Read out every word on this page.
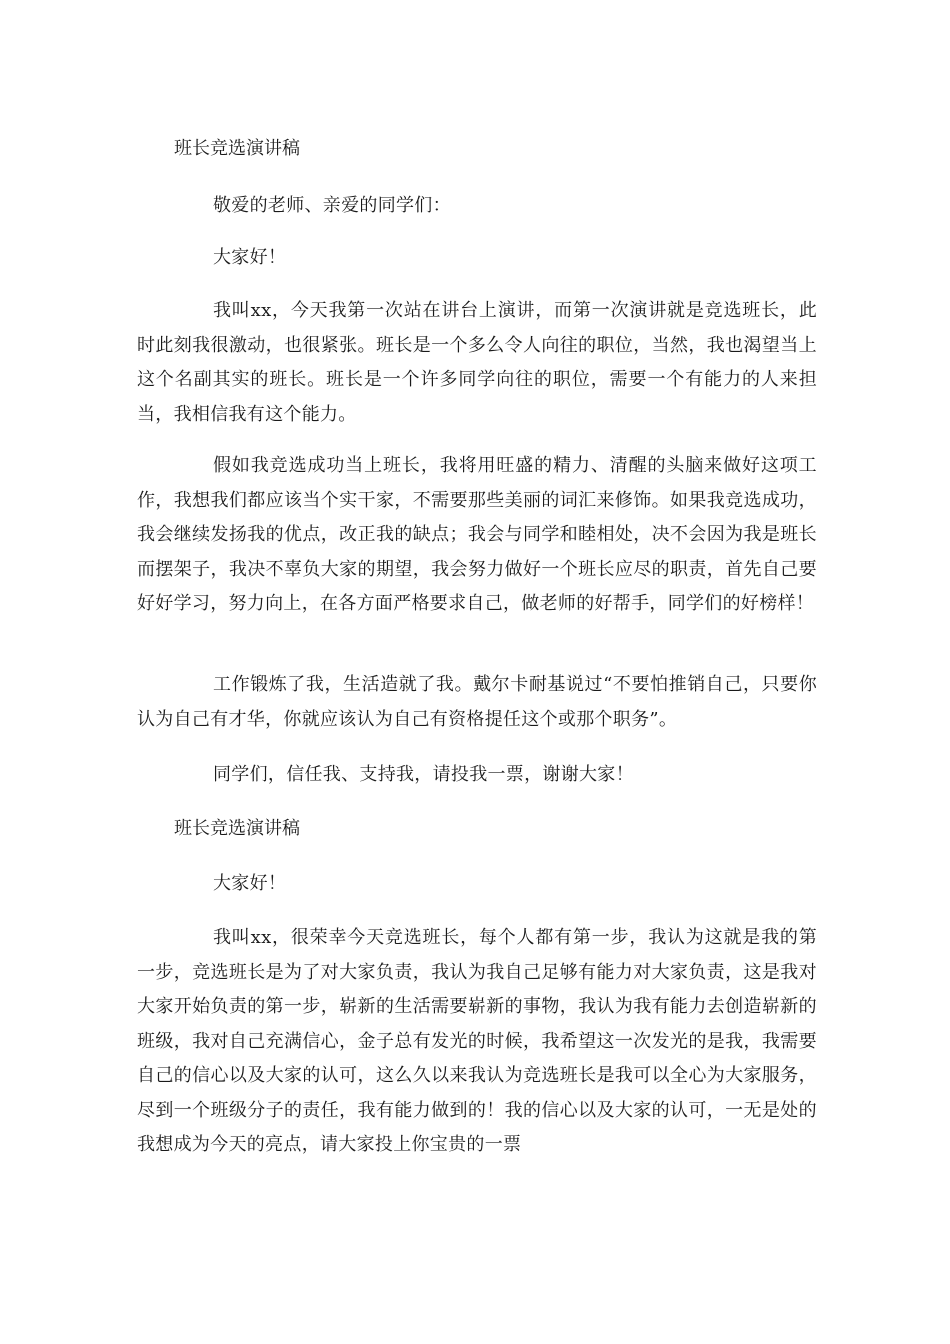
班长竞选演讲稿

敬爱的老师、亲爱的同学们：

大家好！

我叫xx，今天我第一次站在讲台上演讲，而第一次演讲就是竞选班长，此时此刻我很激动，也很紧张。班长是一个多么令人向往的职位，当然，我也渴望当上这个名副其实的班长。班长是一个许多同学向往的职位，需要一个有能力的人来担当，我相信我有这个能力。

假如我竞选成功当上班长，我将用旺盛的精力、清醒的头脑来做好这项工作，我想我们都应该当个实干家，不需要那些美丽的词汇来修饰。如果我竞选成功，我会继续发扬我的优点，改正我的缺点；我会与同学和睦相处，决不会因为我是班长而摆架子，我决不辜负大家的期望，我会努力做好一个班长应尽的职责，首先自己要好好学习，努力向上，在各方面严格要求自己，做老师的好帮手，同学们的好榜样！

工作锻炼了我，生活造就了我。戴尔卡耐基说过“不要怕推销自己，只要你认为自己有才华，你就应该认为自己有资格提任这个或那个职务”。

同学们，信任我、支持我，请投我一票，谢谢大家！

班长竞选演讲稿

大家好！

我叫xx，很荣幸今天竞选班长，每个人都有第一步，我认为这就是我的第一步，竞选班长是为了对大家负责，我认为我自己足够有能力对大家负责，这是我对大家开始负责的第一步，崭新的生活需要崭新的事物，我认为我有能力去创造崭新的班级，我对自己充满信心，金子总有发光的时候，我希望这一次发光的是我，我需要自己的信心以及大家的认可，这么久以来我认为竞选班长是我可以全心为大家服务，尽到一个班级分子的责任，我有能力做到的！我的信心以及大家的认可，一无是处的我想成为今天的亮点，请大家投上你宝贵的一票
